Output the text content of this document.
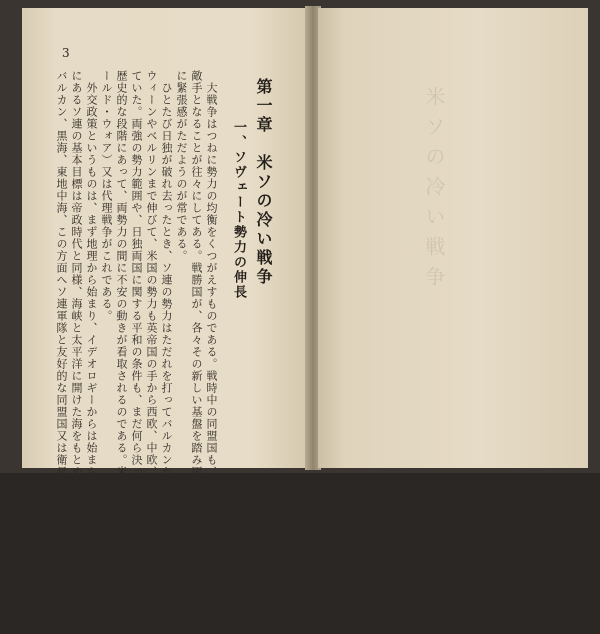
3
第一章　米ソの冷い戦争
一、ソヴェート勢力の伸長
　大戦争はつねに勢力の均衡をくつがえすものである。戦時中の同盟国も、平和時には狭い深い
敵手となることが往々にしてある。戦勝国が、各々その新しい基盤を踏み固めるまでは、その間
に緊張感がただようのが常である。
　ひとたび日独が破れ去ったとき、ソ連の勢力はただれを打ってバルカンから中部ヨーロッパの
ウィーンやベルリンまで伸びて、米国の勢力も英帝国の手から西欧、中欧、地中海、近東に及び出し
ていた。両強の勢力範囲や、日独両国に関する平和の条件も、まだ何ら決ってはいない。この
歴史的な段階にあって、両勢力の間に不安の動きが看取されるのである。米ソの冷い戦争（コ
ールド・ウォア）又は代理戦争がこれである。
　外交政策というものは、まず地理から始まり、イデオロギーからは始まらない。共産党の支配下
にあるソ連の基本目標は帝政時代と同様、海峡と太平洋に開けた海をもとめ、バルティック海から
バルカン、黒海、東地中海、この方面へソ連軍隊と友好的な同盟国又は衛星国を作ることにある。一つの	米ソの冷い戦争
